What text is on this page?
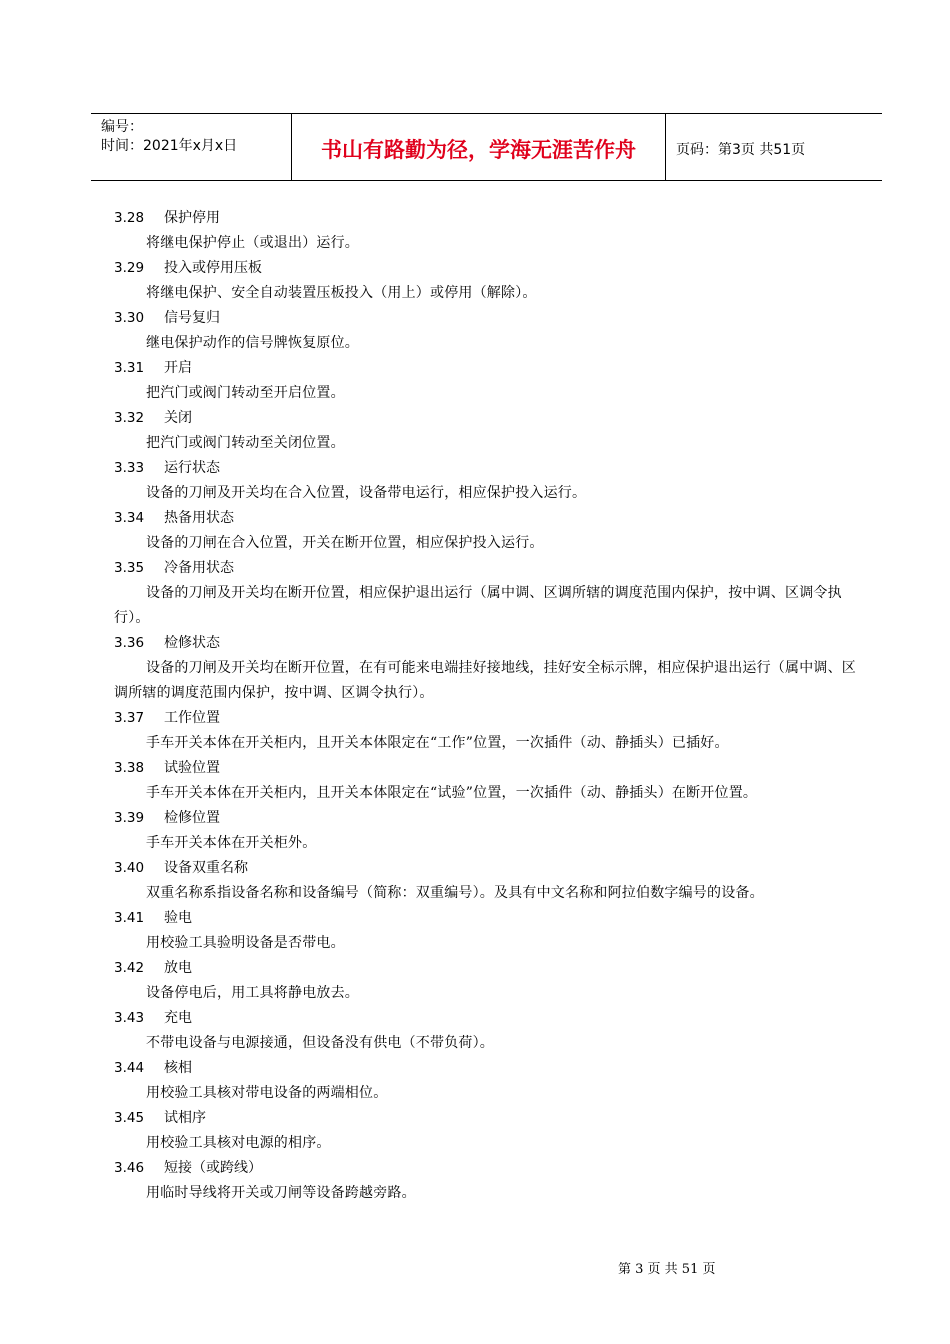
编号：
时间：2021年x月x日	书山有路勤为径，学海无涯苦作舟	页码：第3页 共51页
3.28 保护停用

将继电保护停止（或退出）运行。

3.29 投入或停用压板

将继电保护、安全自动装置压板投入（用上）或停用（解除）。

3.30 信号复归

继电保护动作的信号牌恢复原位。

3.31 开启

把汽门或阀门转动至开启位置。

3.32 关闭

把汽门或阀门转动至关闭位置。

3.33 运行状态

设备的刀闸及开关均在合入位置，设备带电运行，相应保护投入运行。

3.34 热备用状态

设备的刀闸在合入位置，开关在断开位置，相应保护投入运行。

3.35 冷备用状态

设备的刀闸及开关均在断开位置，相应保护退出运行（属中调、区调所辖的调度范围内保护，按中调、区调令执行）。

3.36 检修状态

设备的刀闸及开关均在断开位置，在有可能来电端挂好接地线，挂好安全标示牌，相应保护退出运行（属中调、区调所辖的调度范围内保护，按中调、区调令执行）。

3.37 工作位置

手车开关本体在开关柜内，且开关本体限定在“工作”位置，一次插件（动、静插头）已插好。

3.38 试验位置

手车开关本体在开关柜内，且开关本体限定在“试验”位置，一次插件（动、静插头）在断开位置。

3.39 检修位置

手车开关本体在开关柜外。

3.40 设备双重名称

双重名称系指设备名称和设备编号（简称：双重编号）。及具有中文名称和阿拉伯数字编号的设备。

3.41 验电

用校验工具验明设备是否带电。

3.42 放电

设备停电后，用工具将静电放去。

3.43 充电

不带电设备与电源接通，但设备没有供电（不带负荷）。

3.44 核相

用校验工具核对带电设备的两端相位。

3.45 试相序

用校验工具核对电源的相序。

3.46 短接（或跨线）

用临时导线将开关或刀闸等设备跨越旁路。

第 3 页 共 51 页
